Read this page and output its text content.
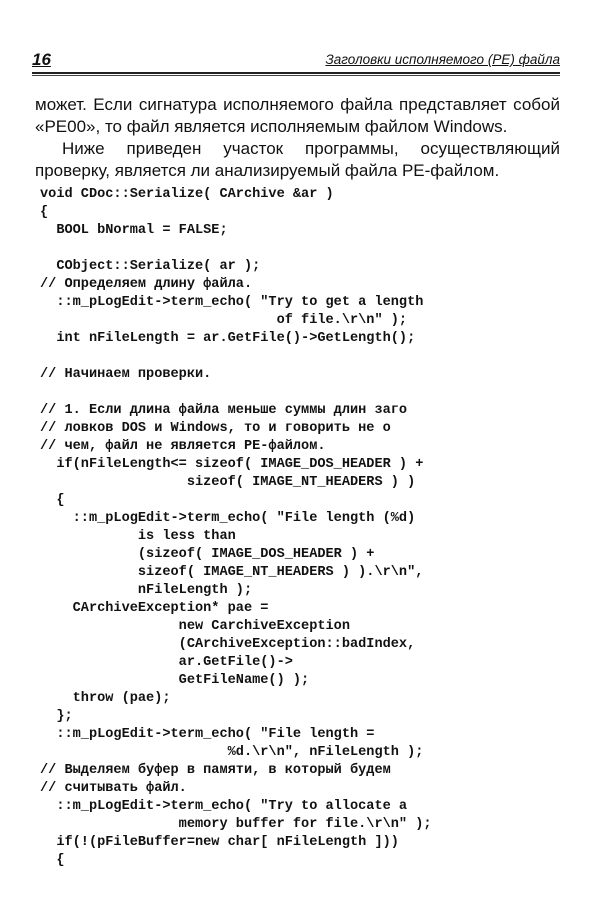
16	Заголовки исполняемого (PE) файла

может. Если сигнатура исполняемого файла представляет собой «PE00», то файл является исполняемым файлом Windows.

Ниже приведен участок программы, осуществляющий проверку, является ли анализируемый файла PE-файлом.

void CDoc::Serialize( CArchive &ar )
{
BOOL bNormal = FALSE;
CObject::Serialize( ar );
// Определяем длину файла.
::m_pLogEdit->term_echo( "Try to get a length
of file.\r\n" );
int nFileLength = ar.GetFile()->GetLength();
// Начинаем проверки.
// 1. Если длина файла меньше суммы длин заго
// ловков DOS и Windows, то и говорить не о
// чем, файл не является PE-файлом.
if(nFileLength<= sizeof( IMAGE_DOS_HEADER ) +
sizeof( IMAGE_NT_HEADERS ) )
{
::m_pLogEdit->term_echo( "File length (%d)
is less than
(sizeof( IMAGE_DOS_HEADER ) +
sizeof( IMAGE_NT_HEADERS ) ).\r\n",
nFileLength );
CArchiveException* pae =
new CarchiveException
(CArchiveException::badIndex,
ar.GetFile()->
GetFileName() );
throw (pae);
};
::m_pLogEdit->term_echo( "File length =
%d.\r\n", nFileLength );
// Выделяем буфер в памяти, в который будем
// считывать файл.
::m_pLogEdit->term_echo( "Try to allocate a
memory buffer for file.\r\n" );
if(!(pFileBuffer=new char[ nFileLength ]))
{
